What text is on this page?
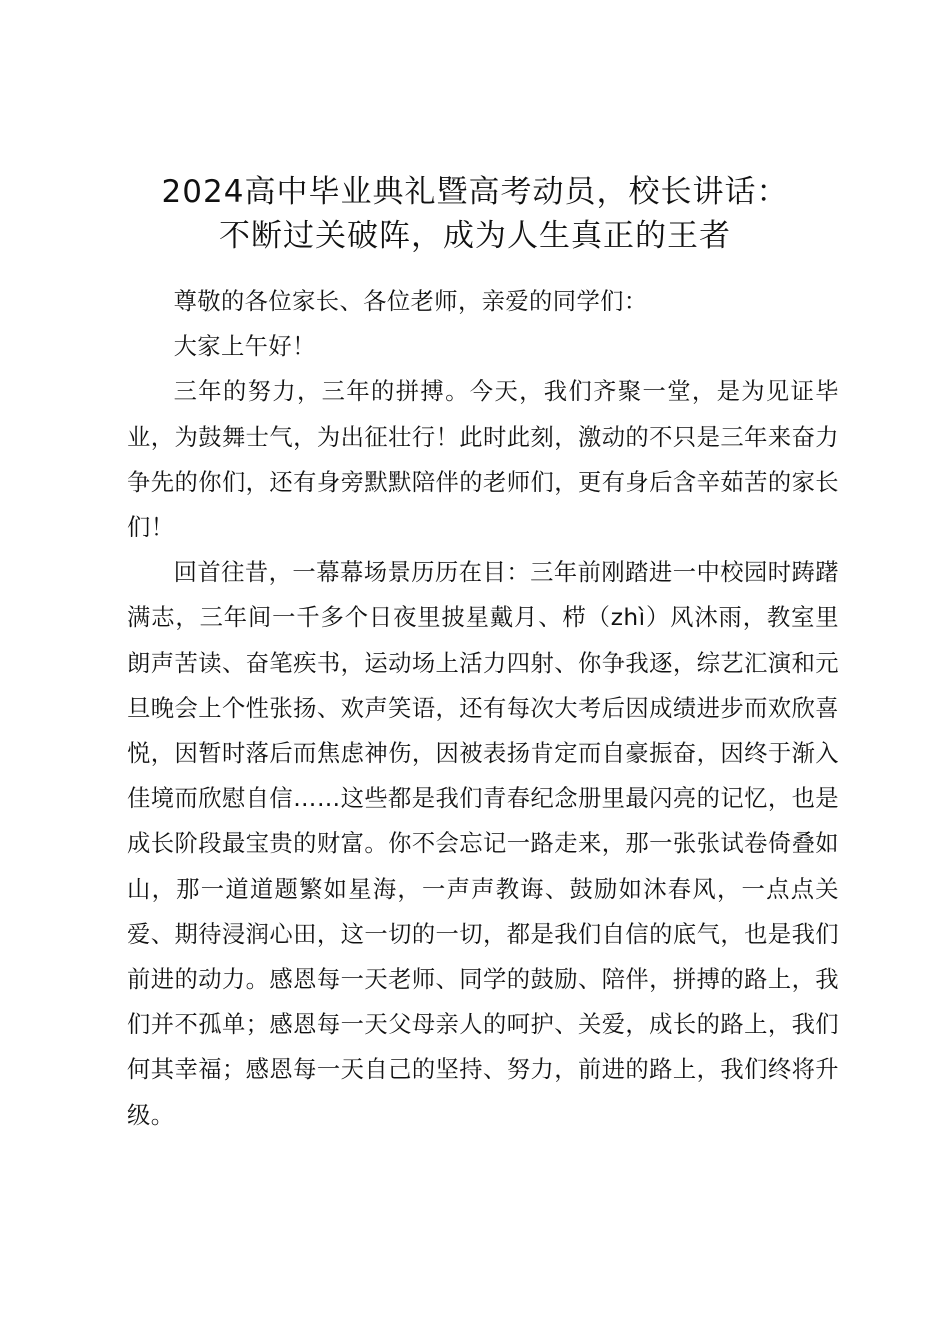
2024高中毕业典礼暨高考动员，校长讲话：
不断过关破阵，成为人生真正的王者

尊敬的各位家长、各位老师，亲爱的同学们：

大家上午好！

三年的努力，三年的拼搏。今天，我们齐聚一堂，是为见证毕业，为鼓舞士气，为出征壮行！此时此刻，激动的不只是三年来奋力争先的你们，还有身旁默默陪伴的老师们，更有身后含辛茹苦的家长们！

回首往昔，一幕幕场景历历在目：三年前刚踏进一中校园时踌躇满志，三年间一千多个日夜里披星戴月、栉（zhì）风沐雨，教室里朗声苦读、奋笔疾书，运动场上活力四射、你争我逐，综艺汇演和元旦晚会上个性张扬、欢声笑语，还有每次大考后因成绩进步而欢欣喜悦，因暂时落后而焦虑神伤，因被表扬肯定而自豪振奋，因终于渐入佳境而欣慰自信……这些都是我们青春纪念册里最闪亮的记忆，也是成长阶段最宝贵的财富。你不会忘记一路走来，那一张张试卷倚叠如山，那一道道题繁如星海，一声声教诲、鼓励如沐春风，一点点关爱、期待浸润心田，这一切的一切，都是我们自信的底气，也是我们前进的动力。感恩每一天老师、同学的鼓励、陪伴，拼搏的路上，我们并不孤单；感恩每一天父母亲人的呵护、关爱，成长的路上，我们何其幸福；感恩每一天自己的坚持、努力，前进的路上，我们终将升级。
